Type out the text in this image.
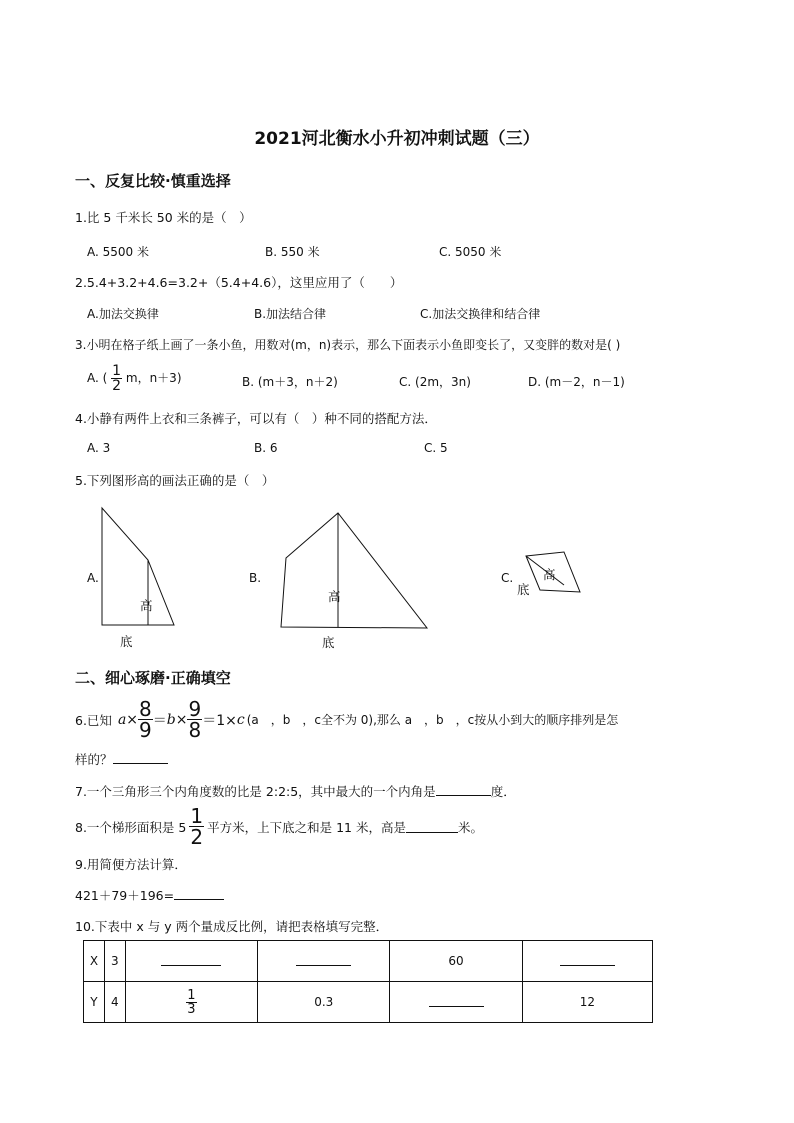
2021河北衡水小升初冲刺试题（三）
一、反复比较·慎重选择
1.比 5 千米长 50 米的是（　）
A. 5500 米	B. 550 米	C. 5050 米
2.5.4+3.2+4.6=3.2+（5.4+4.6），这里应用了（　　）
A.加法交换律	B.加法结合律	C.加法交换律和结合律
3.小明在格子纸上画了一条小鱼，用数对(m，n)表示，那么下面表示小鱼即变长了，又变胖的数对是( )
A. ( $\frac{1}{2}$ m，n＋3)	B. (m＋3，n＋2)	C. (2m，3n)	D. (m－2，n－1)
4.小静有两件上衣和三条裤子，可以有（　）种不同的搭配方法．
A. 3	B. 6	C. 5
5.下列图形高的画法正确的是（　）
A.
高
底
B.
高
底
C. 高
底
二、细心琢磨·正确填空
6.已知 $a \times \frac{8}{9} = b \times \frac{9}{8} =1\times c$ (a　，b　，c全不为 0),那么 a　，b　，c按从小到大的顺序排列是怎
样的？
7.一个三角形三个内角度数的比是 2:2:5，其中最大的一个内角是	度．
8.一个梯形面积是 $5 \frac{1}{2}$ 平方米，上下底之和是 11 米，高是	米。
9.用简便方法计算．
421＋79＋196=
10.下表中 x 与 y 两个量成反比例，请把表格填写完整．
X	3			60	
Y	4	$\frac{1}{3}$	0.3		12
